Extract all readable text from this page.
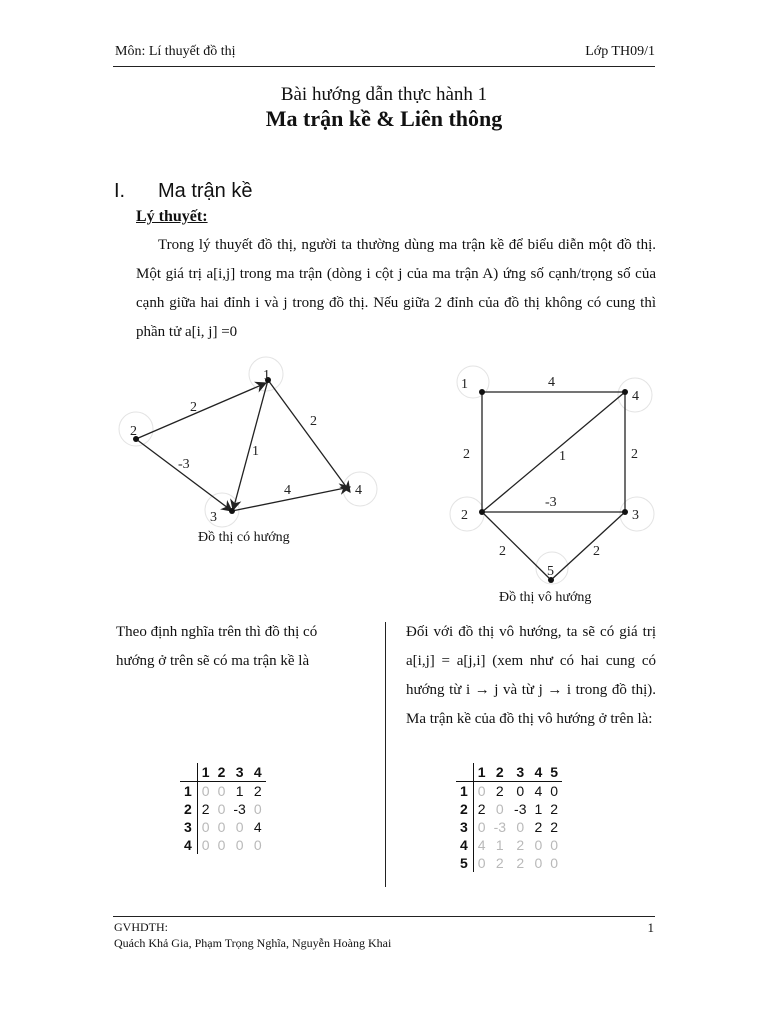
Môn: Lí thuyết đồ thị	Lớp TH09/1
Bài hướng dẫn thực hành 1
Ma trận kề & Liên thông
I. Ma trận kề
Lý thuyết:
Trong lý thuyết đồ thị, người ta thường dùng ma trận kề để biểu diễn một đồ thị. Một giá trị a[i,j] trong ma trận (dòng i cột j của ma trận A) ứng số cạnh/trọng số của cạnh giữa hai đỉnh i và j trong đồ thị. Nếu giữa 2 đỉnh của đồ thị không có cung thì phần tử a[i, j] =0
1
2
3
4
2
-3
1
2
4
Đồ thị có hướng
1
2	3
4
5
4
2	1	2
-3
2	2
Đồ thị vô hướng
Theo định nghĩa trên thì đồ thị có hướng ở trên sẽ có ma trận kề là
Đối với đồ thị vô hướng, ta sẽ có giá trị a[i,j] = a[j,i] (xem như có hai cung có hướng từ i → j và từ j → i trong đồ thị). Ma trận kề của đồ thị vô hướng ở trên là:
	1	2	3	4
1	0	0	1	2
2	2	0	-3	0
3	0	0	0	4
4	0	0	0	0
	1	2	3	4	5
1	0	2	0	4	0
2	2	0	-3	1	2
3	0	-3	0	2	2
4	4	1	2	0	0
5	0	2	2	0	0
GVHDTH:	1
Quách Khả Gia, Phạm Trọng Nghĩa, Nguyễn Hoàng Khai
